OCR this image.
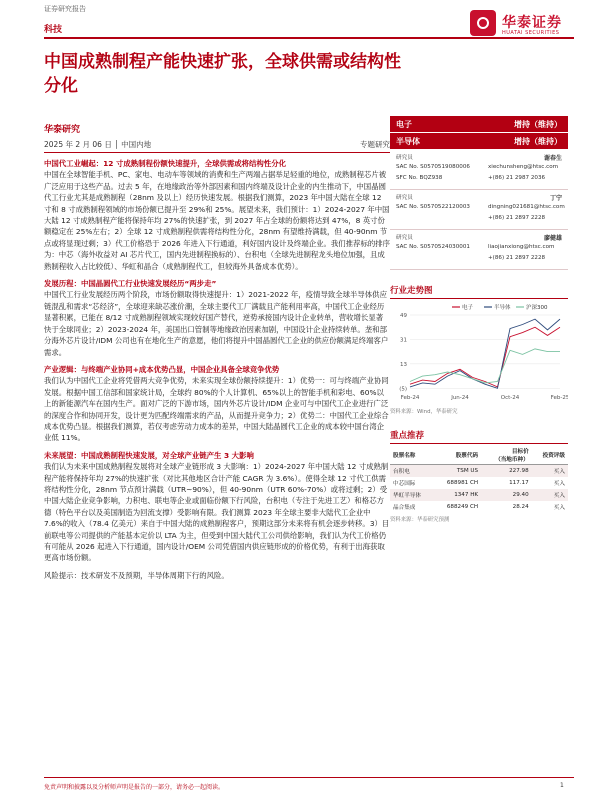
证券研究报告
科技	华泰证券
HUATAI SECURITIES
中国成熟制程产能快速扩张，全球供需或结构性分化
华泰研究
2025 年 2 月 06 日 │ 中国内地	专题研究
中国代工业崛起：12 寸成熟制程份额快速提升，全球供需或将结构性分化
中国在全球智能手机、PC、家电、电动车等领域的消费和生产两端占据举足轻重的地位，成熟制程芯片被广泛应用于这些产品。过去 5 年，在地缘政治等外部因素和国内终端及设计企业的内生推动下，中国晶圆代工行业尤其是成熟制程（28nm 及以上）经历快速发展。根据我们测算，2023 年中国大陆在全球 12 寸和 8 寸成熟制程领域的市场份额已提升至 29%和 25%。展望未来，我们预计：1）2024-2027 年中国大陆 12 寸成熟制程产能将保持年均 27%的快速扩张，到 2027 年占全球的份额将达到 47%，8 英寸份额稳定在 25%左右；2）全球 12 寸成熟制程供需将结构性分化，28nm 有望维持满载，但 40-90nm 节点或将显现过剩；3）代工价格恐于 2026 年进入下行通道，利好国内设计及终端企业。我们推荐标的排序为：中芯（海外收益对 AI 芯片代工，国内先进制程换标的）、台积电（全球先进制程龙头地位加强，且成熟制程收入占比较低）、华虹和晶合（成熟制程代工，但较海外具备成本优势）。
发展历程：中国晶圆代工行业快速发展经历“两步走”
中国代工行业发展经历两个阶段，市场份额取得快速提升：1）2021-2022 年，疫情导致全球半导体供应链混乱和需求“芯经济”，全球迎来缺芯涨价潮，全球主要代工厂满载且产能利用率高，中国代工企业经历显著积累，已能在 8/12 寸成熟制程领域实现较好国产替代，逆势承接国内设计企业转单，营收增长显著快于全球同业；2）2023-2024 年，美国出口管制等地缘政治因素加剧，中国设计企业持续转单。垄和部分海外芯片设计/IDM 公司也有在地化生产的意愿，他们将提升中国晶圆代工企业的供应份额满足终端客户需求。
产业逻辑：与终端产业协同+成本优势凸显，中国企业具备全球竞争优势
我们认为中国代工企业将凭借两大竞争优势，未来实现全球份额持续提升：1）优势一：可与终端产业协同发展。根据中国工信部和国家统计局，全球约 80%的个人计算机、65%以上的智能手机和彩电、60%以上的新能源汽车在国内生产。面对广泛的下游市场，国内外芯片设计/IDM 企业可与中国代工企业进行广泛的深度合作和协同开发，设计更为匹配终端需求的产品，从而提升竞争力；2）优势二：中国代工企业综合成本优势凸显。根据我们测算，若仅考虑劳动力成本的差异，中国大陆晶圆代工企业的成本较中国台湾企业低 11%。
未来展望：中国成熟制程快速发展，对全球产业链产生 3 大影响
我们认为未来中国成熟制程发展将对全球产业链形成 3 大影响：1）2024-2027 年中国大陆 12 寸成熟制程产能将保持年均 27%的快速扩张（对比其他地区合计产能 CAGR 为 3.6%）。使得全球 12 寸代工供需将结构性分化，28nm 节点预计满载（UTR~90%），但 40-90nm（UTR 60%-70%）或将过剩；2）受中国大陆企业竞争影响，力积电、联电等企业或面临份额下行风险，台积电（专注于先进工艺）和格芯方德（特色平台以及美国制造为回流支撑）受影响有限。我们测算 2023 年全球主要非大陆代工企业中 7.6%的收入（78.4 亿美元）来自于中国大陆的成熟制程客户，预期这部分未来将有机会逐步转移。3）目前联电等公司提供的产能基本定价以 LTA 为主，但受到中国大陆代工公司供给影响，我们认为代工价格仍有可能从 2026 起进入下行通道，国内设计/OEM 公司凭借国内供应链形成的价格优势，有利于出海获取更高市场份额。
风险提示：技术研发不及预期，半导体周期下行的风险。
电子	增持（维持）
半导体	增持（维持）
研究员	谢春生
SAC No. S0570519080006
SFC No. BQZ938
xiechunsheng@htsc.com
+(86) 21 2987 2036
研究员	丁宁
SAC No. S0570522120003	dingning021681@htsc.com
+(86) 21 2897 2228
研究员	廖健雄
SAC No. S0570524030001	liaojianxiong@htsc.com
+(86) 21 2897 2228
行业走势图
49
31
13
(5)
Feb-24	Jun-24	Oct-24	Feb-25
电子	半导体	沪深300
资料来源：Wind，华泰研究
重点推荐
股票名称	股票代码	目标价
（当地币种）	投资评级
台积电	TSM US	227.98	买入
中芯国际	688981 CH	117.17	买入
华虹半导体	1347 HK	29.40	买入
晶合集成	688249 CH	28.24	买入
资料来源：华泰研究预测
免责声明和披露以及分析师声明是报告的一部分，请务必一起阅读。	1
